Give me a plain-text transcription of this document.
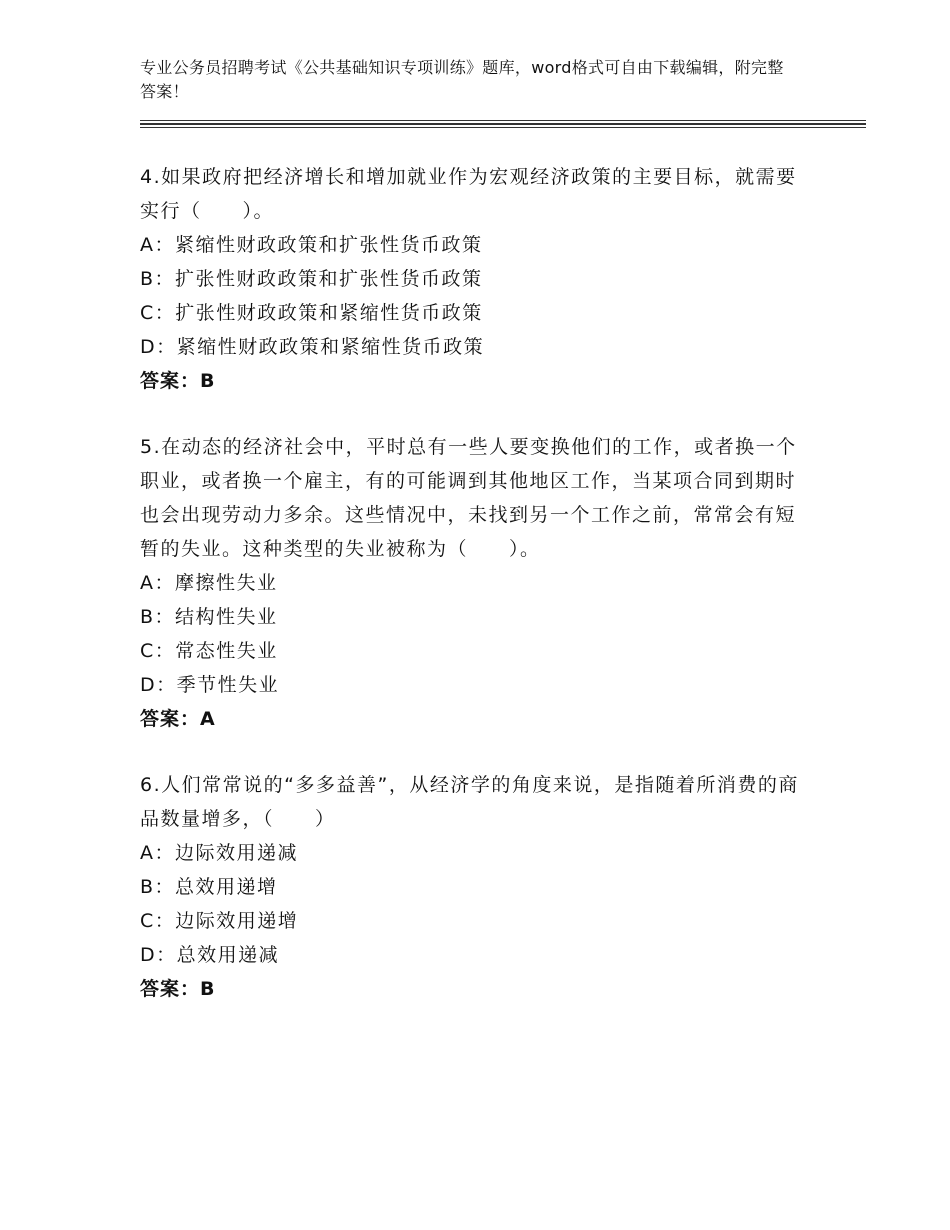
专业公务员招聘考试《公共基础知识专项训练》题库，word格式可自由下载编辑，附完整答案！

4.如果政府把经济增长和增加就业作为宏观经济政策的主要目标，就需要实行（　　）。

A：紧缩性财政政策和扩张性货币政策

B：扩张性财政政策和扩张性货币政策

C：扩张性财政政策和紧缩性货币政策

D：紧缩性财政政策和紧缩性货币政策

答案：B

5.在动态的经济社会中，平时总有一些人要变换他们的工作，或者换一个职业，或者换一个雇主，有的可能调到其他地区工作，当某项合同到期时也会出现劳动力多余。这些情况中，未找到另一个工作之前，常常会有短暂的失业。这种类型的失业被称为（　　）。

A：摩擦性失业

B：结构性失业

C：常态性失业

D：季节性失业

答案：A

6.人们常常说的“多多益善”，从经济学的角度来说，是指随着所消费的商品数量增多，（　　）

A：边际效用递减

B：总效用递增

C：边际效用递增

D：总效用递减

答案：B
